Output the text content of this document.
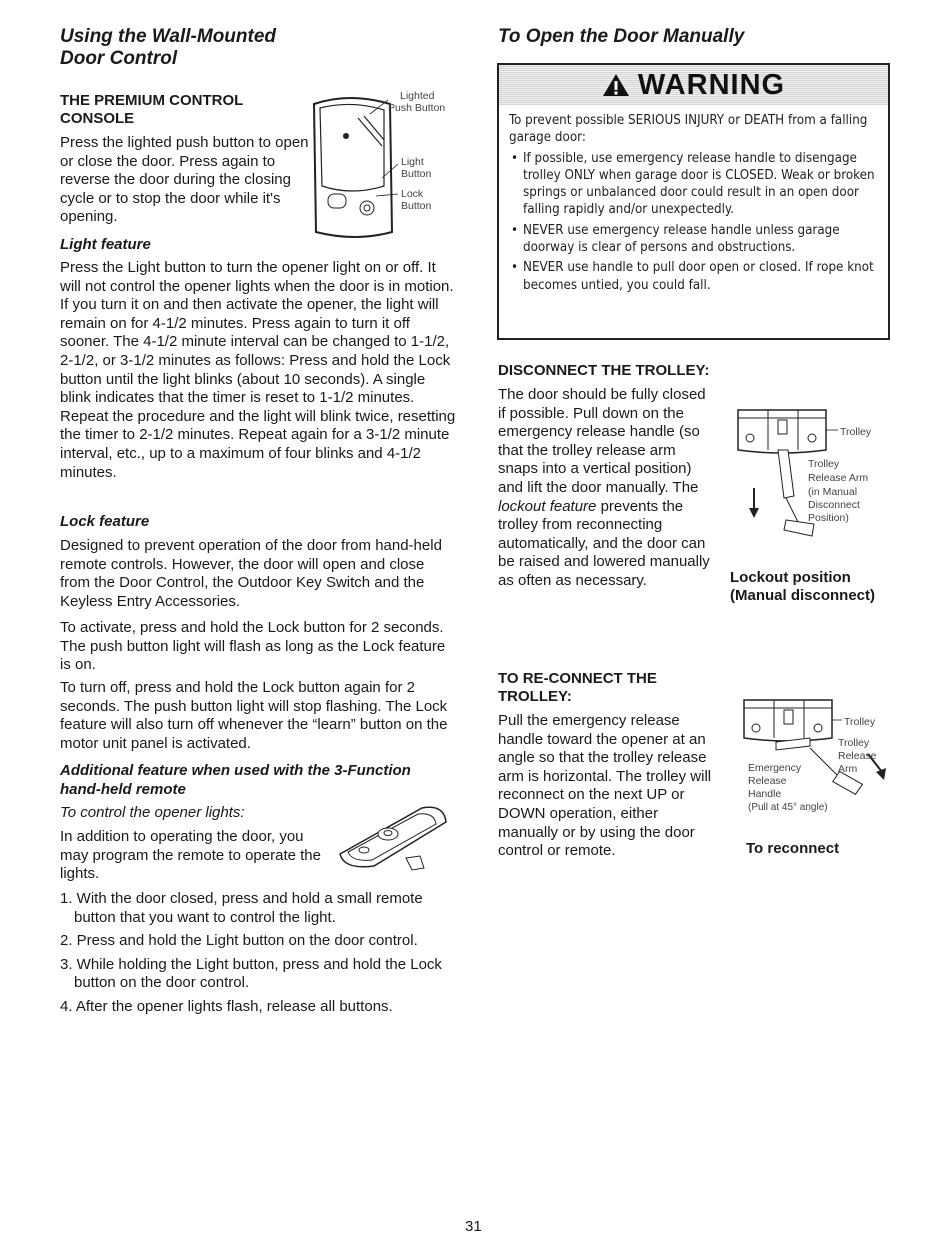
Using the Wall-Mounted
Door Control
THE PREMIUM CONTROL
CONSOLE

Press the lighted push button to open or close the door. Press again to reverse the door during the closing cycle or to stop the door while it's opening.

Lighted
Push Button
Light
Button
Lock
Button
Light feature

Press the Light button to turn the opener light on or off. It will not control the opener lights when the door is in motion. If you turn it on and then activate the opener, the light will remain on for 4-1/2 minutes. Press again to turn it off sooner. The 4-1/2 minute interval can be changed to 1-1/2, 2-1/2, or 3-1/2 minutes as follows: Press and hold the Lock button until the light blinks (about 10 seconds). A single blink indicates that the timer is reset to 1-1/2 minutes. Repeat the procedure and the light will blink twice, resetting the timer to 2-1/2 minutes. Repeat again for a 3-1/2 minute interval, etc., up to a maximum of four blinks and 4-1/2 minutes.

Lock feature

Designed to prevent operation of the door from hand-held remote controls. However, the door will open and close from the Door Control, the Outdoor Key Switch and the Keyless Entry Accessories.

To activate, press and hold the Lock button for 2 seconds. The push button light will flash as long as the Lock feature is on.

To turn off, press and hold the Lock button again for 2 seconds. The push button light will stop flashing. The Lock feature will also turn off whenever the “learn” button on the motor unit panel is activated.

Additional feature when used with the 3-Function
hand-held remote
To control the opener lights:

In addition to operating the door, you may program the remote to operate the lights.

1. With the door closed, press and hold a small remote button that you want to control the light.
2. Press and hold the Light button on the door control.
3. While holding the Light button, press and hold the Lock button on the door control.
4. After the opener lights flash, release all buttons.
To Open the Door Manually
WARNING
To prevent possible SERIOUS INJURY or DEATH from a falling garage door:
• If possible, use emergency release handle to disengage trolley ONLY when garage door is CLOSED. Weak or broken springs or unbalanced door could result in an open door falling rapidly and/or unexpectedly.
• NEVER use emergency release handle unless garage doorway is clear of persons and obstructions.
• NEVER use handle to pull door open or closed. If rope knot becomes untied, you could fall.
DISCONNECT THE TROLLEY:

The door should be fully closed if possible. Pull down on the emergency release handle (so that the trolley release arm snaps into a vertical position) and lift the door manually. The lockout feature prevents the trolley from reconnecting automatically, and the door can be raised and lowered manually as often as necessary.

Trolley
Trolley
Release Arm
(in Manual
Disconnect
Position)
Lockout position
(Manual disconnect)
TO RE-CONNECT THE
TROLLEY:

Pull the emergency release handle toward the opener at an angle so that the trolley release arm is horizontal. The trolley will reconnect on the next UP or DOWN operation, either manually or by using the door control or remote.

Trolley
Trolley
Release
Arm
Emergency
Release
Handle
(Pull at 45° angle)
To reconnect
31
